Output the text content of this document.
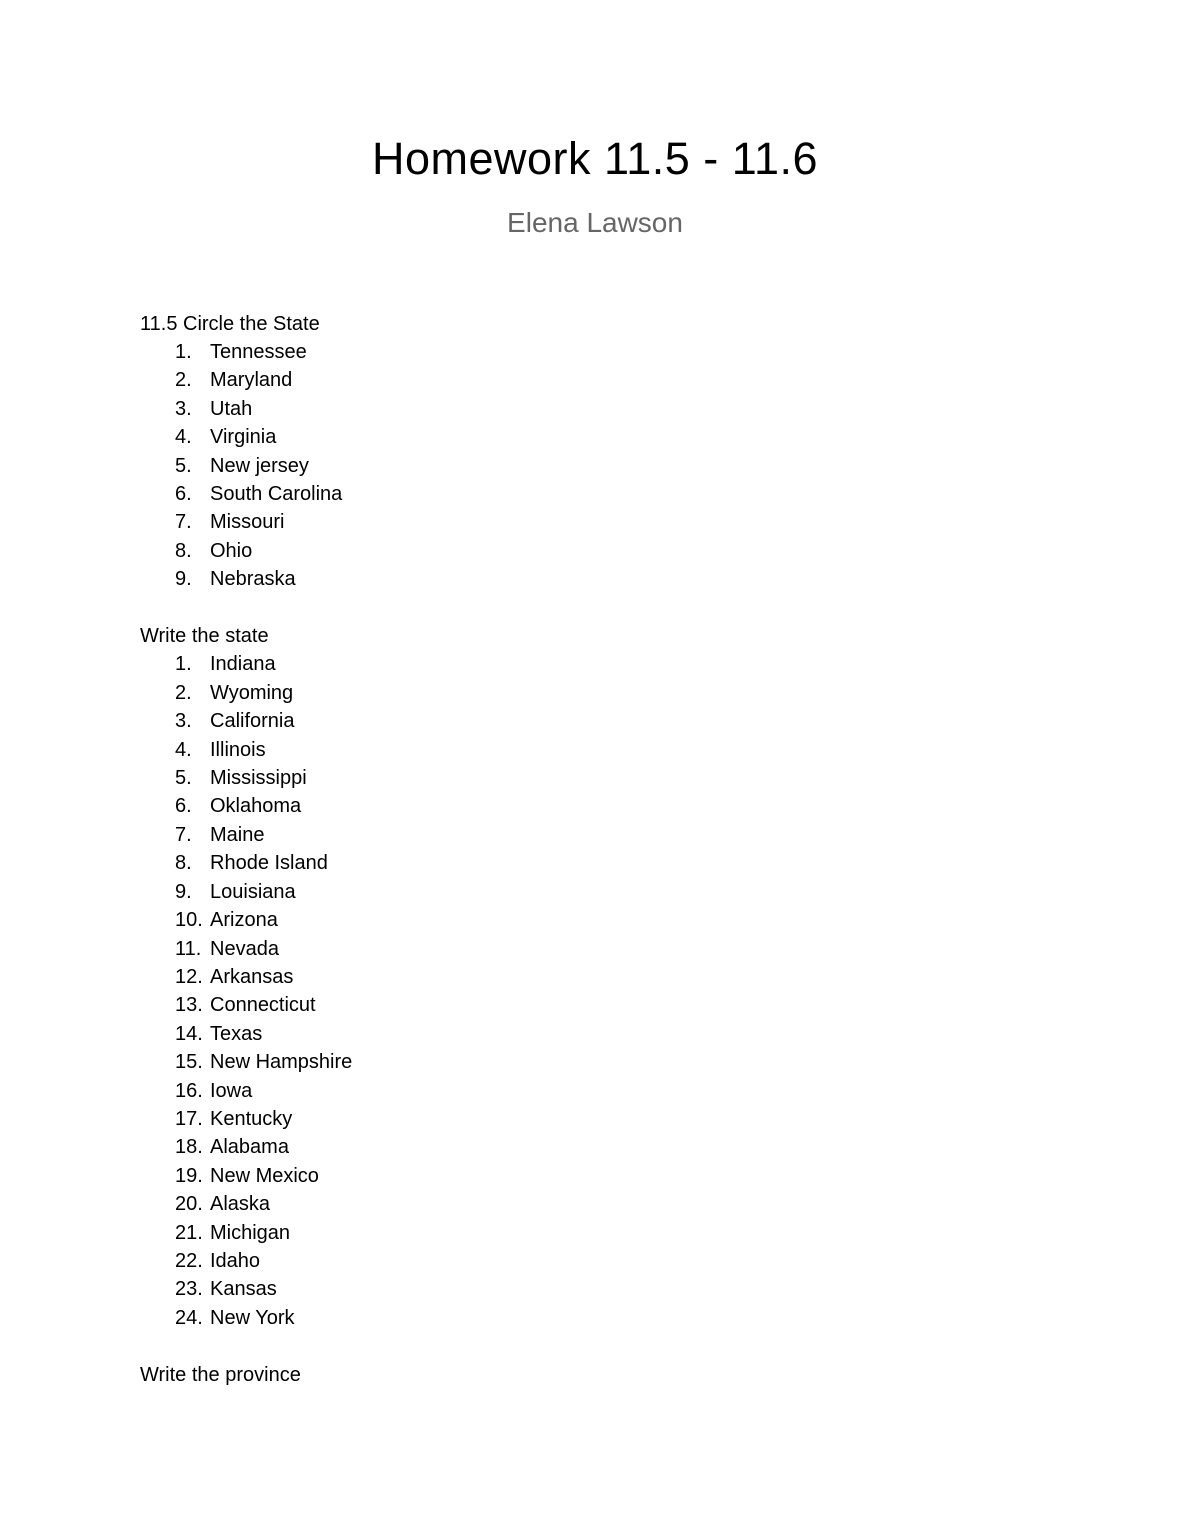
Homework 11.5 - 11.6

Elena Lawson

11.5 Circle the State

1. Tennessee
2. Maryland
3. Utah
4. Virginia
5. New jersey
6. South Carolina
7. Missouri
8. Ohio
9. Nebraska

Write the state

1. Indiana
2. Wyoming
3. California
4. Illinois
5. Mississippi
6. Oklahoma
7. Maine
8. Rhode Island
9. Louisiana
10. Arizona
11. Nevada
12. Arkansas
13. Connecticut
14. Texas
15. New Hampshire
16. Iowa
17. Kentucky
18. Alabama
19. New Mexico
20. Alaska
21. Michigan
22. Idaho
23. Kansas
24. New York

Write the province
